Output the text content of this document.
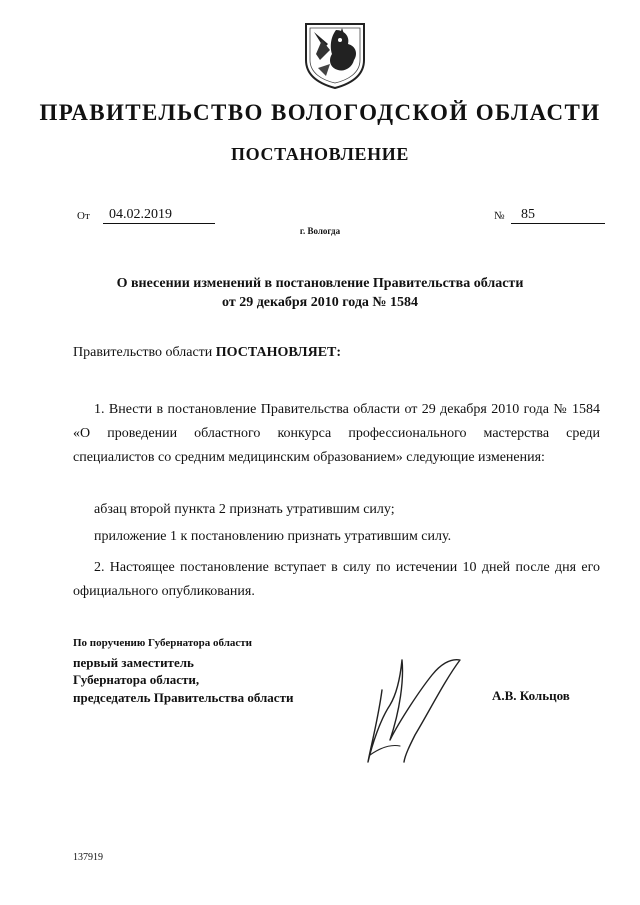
ПРАВИТЕЛЬСТВО ВОЛОГОДСКОЙ ОБЛАСТИ
ПОСТАНОВЛЕНИЕ
От	04.02.2019
г. Вологда
№	85
О внесении изменений в постановление Правительства области
от 29 декабря 2010 года № 1584
Правительство области ПОСТАНОВЛЯЕТ:
1. Внести в постановление Правительства области от 29 декабря 2010 года № 1584 «О проведении областного конкурса профессионального мастерства среди специалистов со средним медицинским образованием» следующие изменения:
абзац второй пункта 2 признать утратившим силу;
приложение 1 к постановлению признать утратившим силу.
2. Настоящее постановление вступает в силу по истечении 10 дней после дня его официального опубликования.
По поручению Губернатора области
первый заместитель
Губернатора области,
председатель Правительства области	А.В. Кольцов
137919
